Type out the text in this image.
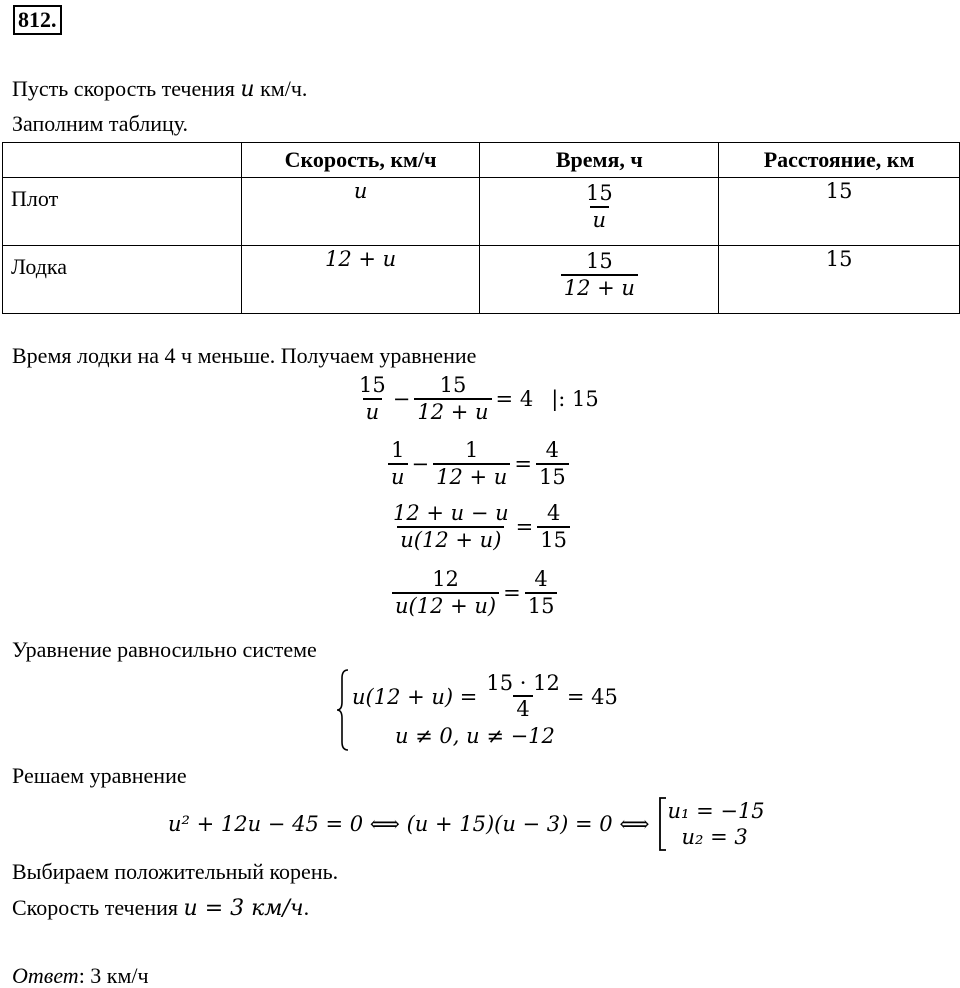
812.
Пусть скорость течения u км/ч.
Заполним таблицу.
	Скорость, км/ч	Время, ч	Расстояние, км

Плот	u	$\frac{15}{u}$	15

Лодка	12 + u	$\frac{15}{12 + u}$	15
Время лодки на 4 ч меньше. Получаем уравнение
$\frac{15}{u} - \frac{15}{12 + u} = 4$ |: 15
$\frac{1}{u} - \frac{1}{12 + u} = \frac{4}{15}$
$\frac{12 + u - u}{u(12 + u)} = \frac{4}{15}$
$\frac{12}{u(12 + u)} = \frac{4}{15}$
Уравнение равносильно системе
$u(12 + u) = \frac{15 \cdot 12}{4} = 45$
u ≠ 0, u ≠ −12
Решаем уравнение
u² + 12u − 45 = 0 ⟺ (u + 15)(u − 3) = 0 ⟺
u₁ = −15
u₂ = 3
Выбираем положительный корень.
Скорость течения u = 3 км/ч.
Ответ: 3 км/ч
